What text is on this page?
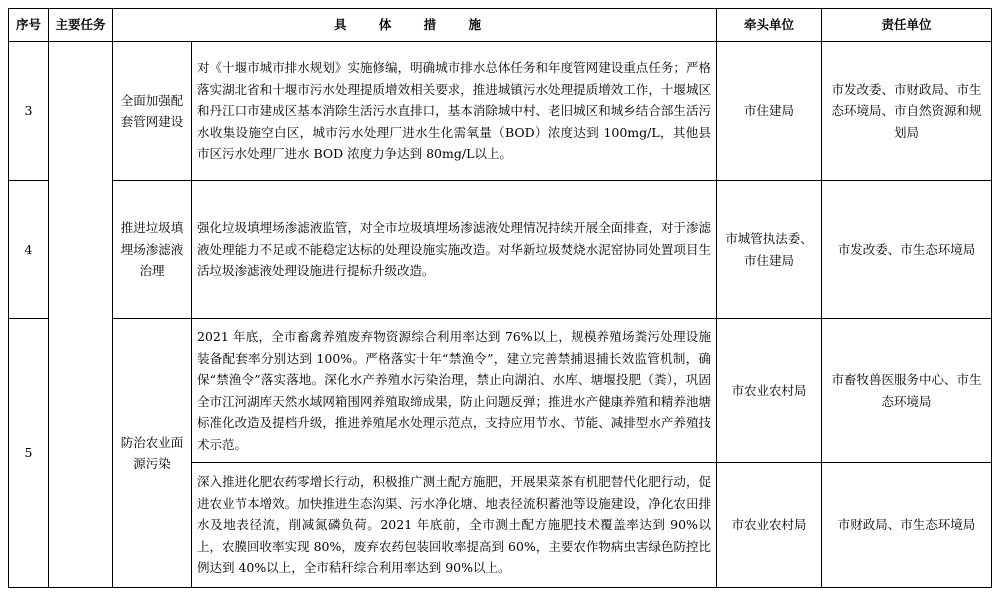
序号	主要任务	具 体 措 施		牵头单位	责任单位
3		全面加强配套管网建设	对《十堰市城市排水规划》实施修编，明确城市排水总体任务和年度管网建设重点任务；严格落实湖北省和十堰市污水处理提质增效相关要求，推进城镇污水处理提质增效工作，十堰城区和丹江口市建成区基本消除生活污水直排口，基本消除城中村、老旧城区和城乡结合部生活污水收集设施空白区，城市污水处理厂进水生化需氧量（BOD）浓度达到 100mg/L，其他县市区污水处理厂进水 BOD 浓度力争达到 80mg/L以上。	市住建局	市发改委、市财政局、市生态环境局、市自然资源和规划局
4		推进垃圾填埋场渗滤液治理	强化垃圾填埋场渗滤液监管，对全市垃圾填埋场渗滤液处理情况持续开展全面排查，对于渗滤液处理能力不足或不能稳定达标的处理设施实施改造。对华新垃圾焚烧水泥窑协同处置项目生活垃圾渗滤液处理设施进行提标升级改造。	市城管执法委、市住建局	市发改委、市生态环境局
5		防治农业面源污染	2021 年底，全市畜禽养殖废弃物资源综合利用率达到 76%以上，规模养殖场粪污处理设施装备配套率分别达到 100%。严格落实十年“禁渔令”，建立完善禁捕退捕长效监管机制，确保“禁渔令”落实落地。深化水产养殖水污染治理，禁止向湖泊、水库、塘堰投肥（粪），巩固全市江河湖库天然水域网箱围网养殖取缔成果，防止问题反弹；推进水产健康养殖和精养池塘标准化改造及提档升级，推进养殖尾水处理示范点，支持应用节水、节能、减排型水产养殖技术示范。	市农业农村局	市畜牧兽医服务中心、市生态环境局

			深入推进化肥农药零增长行动，积极推广测土配方施肥，开展果菜茶有机肥替代化肥行动，促进农业节本增效。加快推进生态沟渠、污水净化塘、地表径流积蓄池等设施建设，净化农田排水及地表径流，削减氮磷负荷。2021 年底前，全市测土配方施肥技术覆盖率达到 90%以上，农膜回收率实现 80%，废弃农药包装回收率提高到 60%，主要农作物病虫害绿色防控比例达到 40%以上，全市秸秆综合利用率达到 90%以上。	市农业农村局	市财政局、市生态环境局
